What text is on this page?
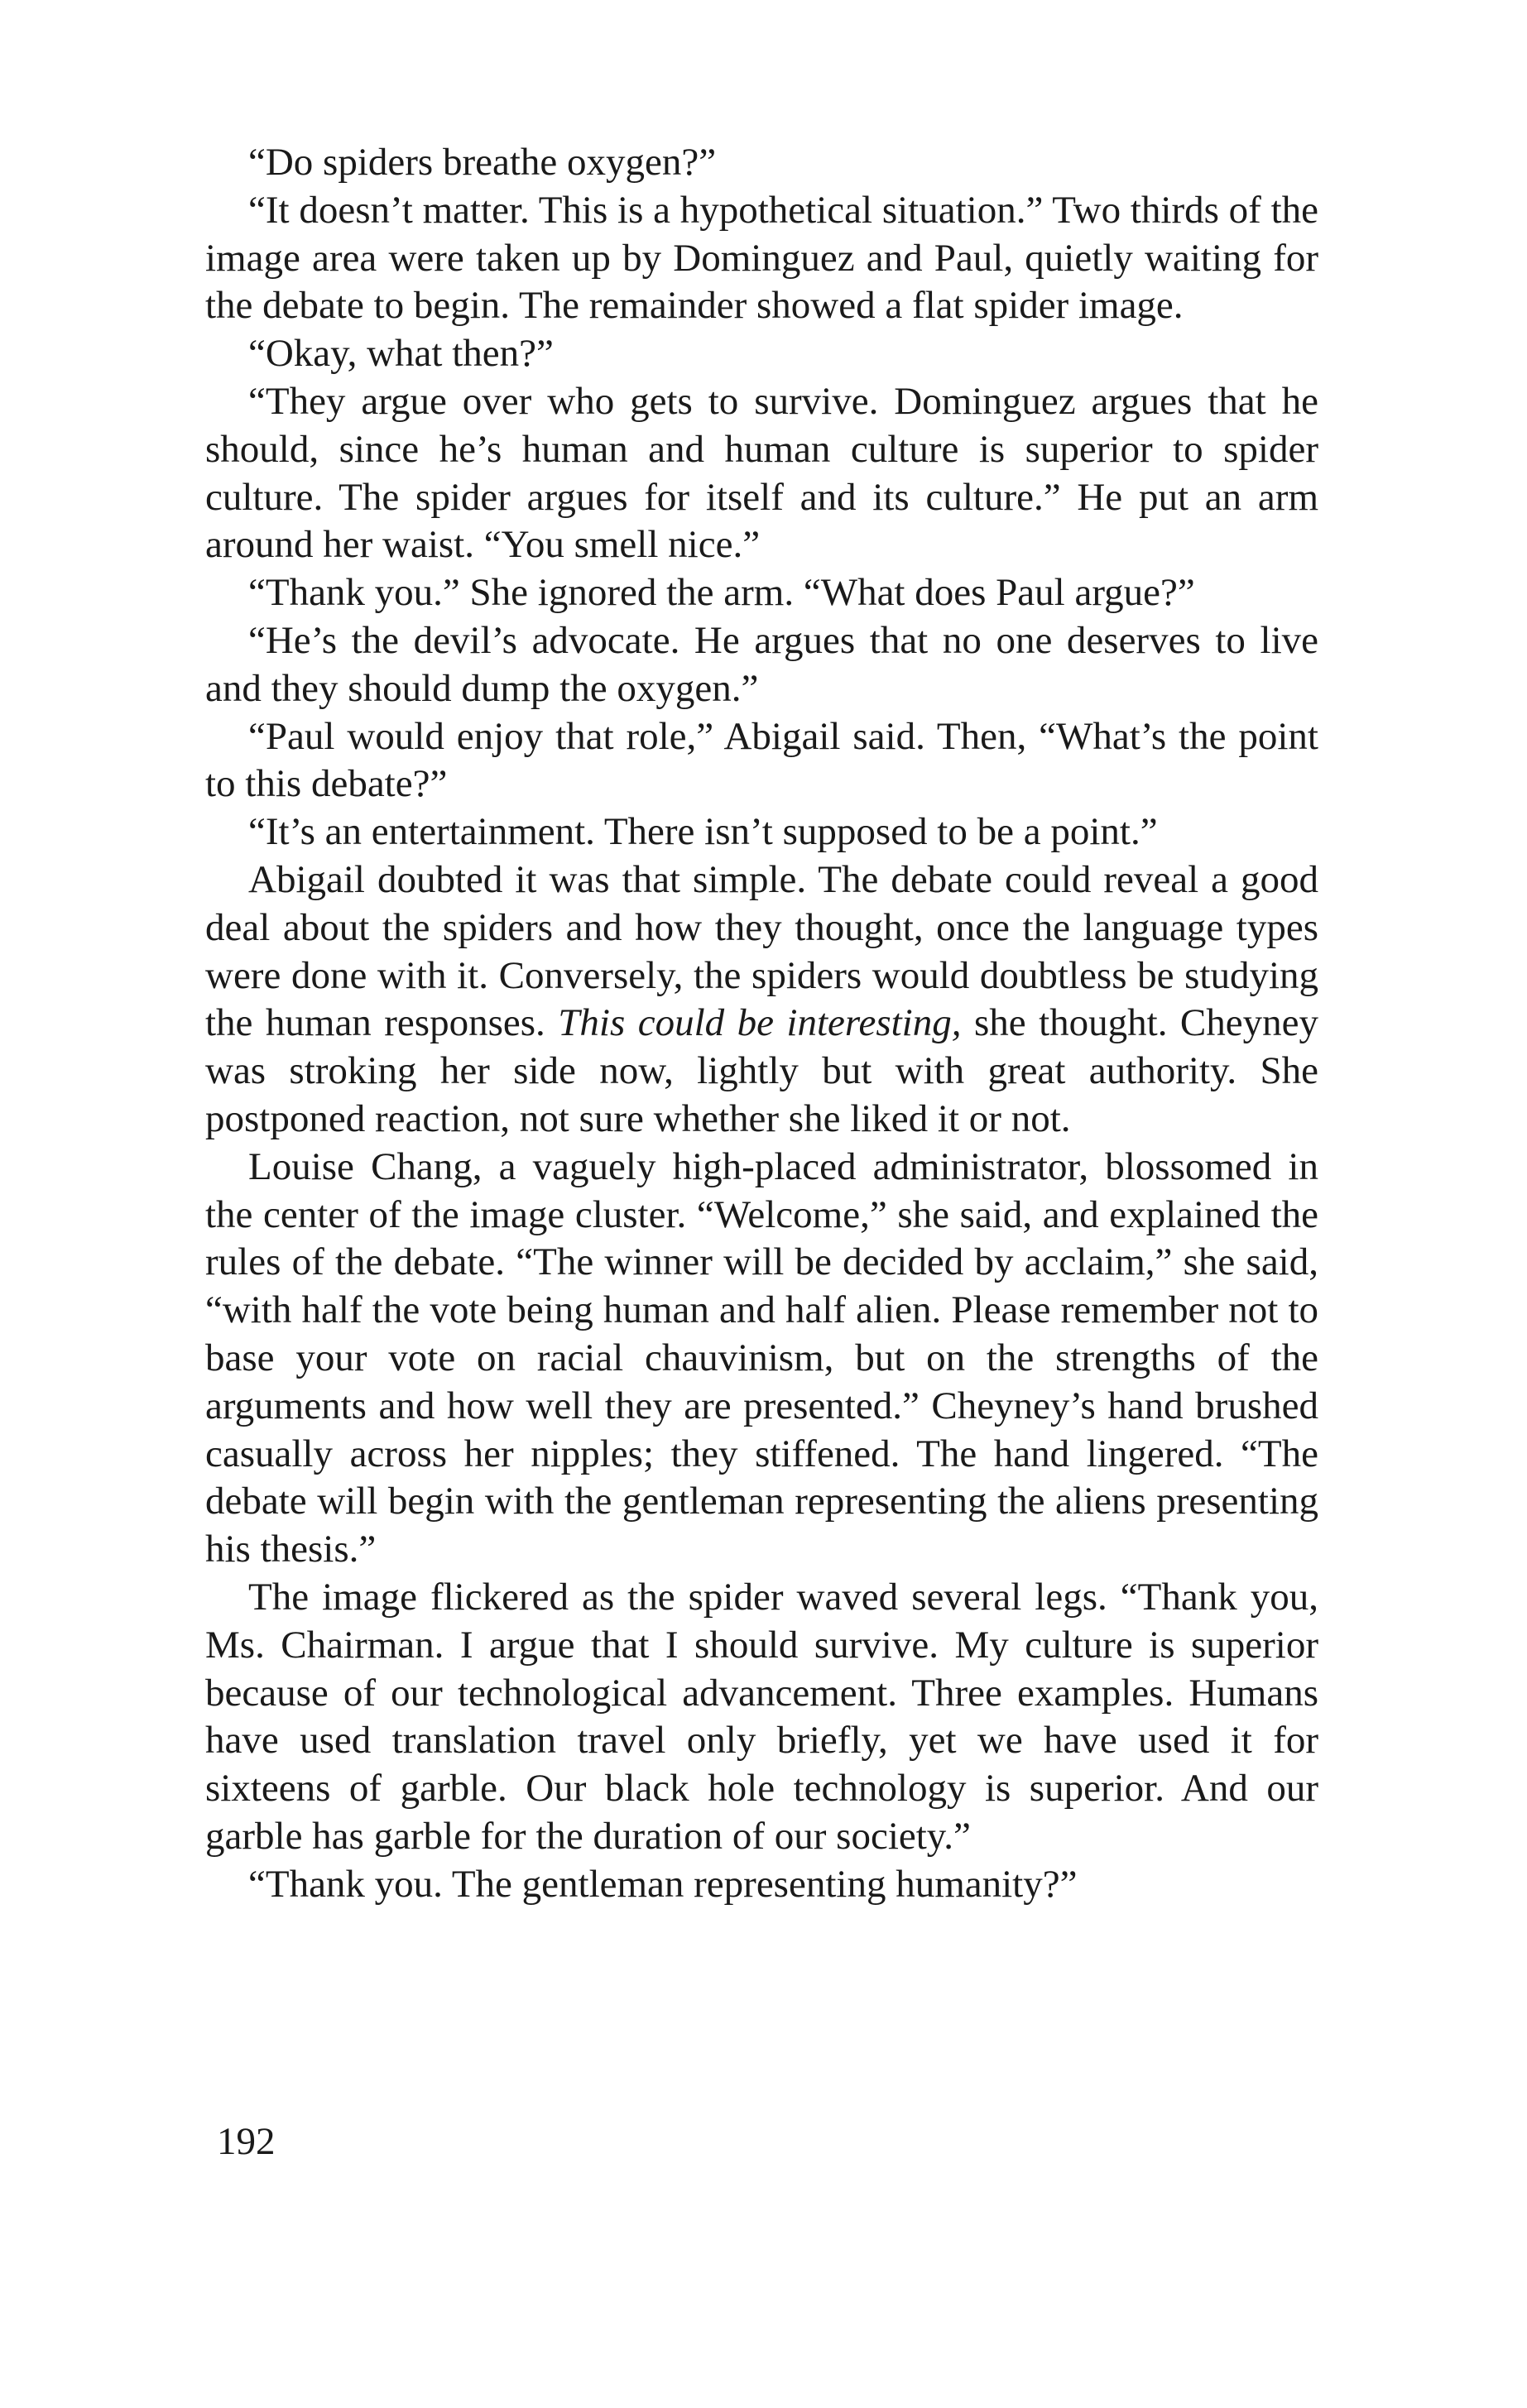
“Do spiders breathe oxygen?”

“It doesn’t matter. This is a hypothetical situation.” Two thirds of the image area were taken up by Dominguez and Paul, quietly waiting for the debate to begin. The remainder showed a flat spider image.

“Okay, what then?”

“They argue over who gets to survive. Dominguez argues that he should, since he’s human and human culture is superior to spider culture. The spider argues for itself and its culture.” He put an arm around her waist. “You smell nice.”

“Thank you.” She ignored the arm. “What does Paul argue?”

“He’s the devil’s advocate. He argues that no one deserves to live and they should dump the oxygen.”

“Paul would enjoy that role,” Abigail said. Then, “What’s the point to this debate?”

“It’s an entertainment. There isn’t supposed to be a point.”

Abigail doubted it was that simple. The debate could reveal a good deal about the spiders and how they thought, once the language types were done with it. Conversely, the spiders would doubtless be studying the human responses. This could be interesting, she thought. Cheyney was stroking her side now, lightly but with great authority. She postponed reaction, not sure whether she liked it or not.

Louise Chang, a vaguely high-placed administrator, blossomed in the center of the image cluster. “Welcome,” she said, and explained the rules of the debate. “The winner will be decided by acclaim,” she said, “with half the vote being human and half alien. Please remember not to base your vote on racial chauvinism, but on the strengths of the arguments and how well they are presented.” Cheyney’s hand brushed casually across her nipples; they stiffened. The hand lingered. “The debate will begin with the gentleman representing the aliens presenting his thesis.”

The image flickered as the spider waved several legs. “Thank you, Ms. Chairman. I argue that I should survive. My culture is superior because of our technological advancement. Three examples. Humans have used translation travel only briefly, yet we have used it for sixteens of garble. Our black hole technology is superior. And our garble has garble for the duration of our society.”

“Thank you. The gentleman representing humanity?”

192
